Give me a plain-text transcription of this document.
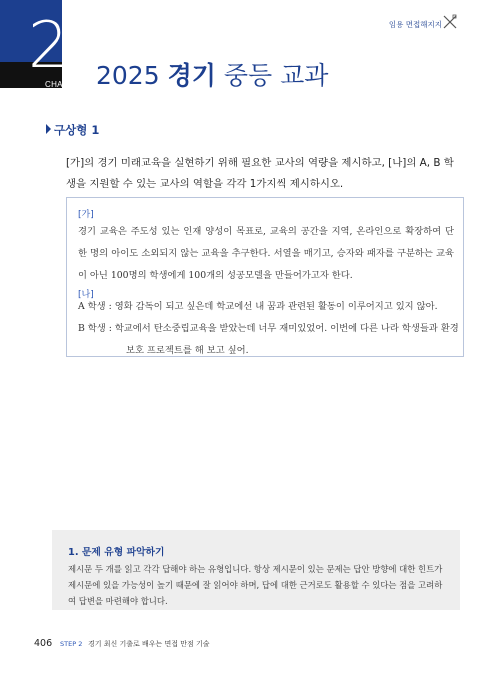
2
CHAPTER 2025 경기 중등 교과
임용 면접해지지
구상형 1
[가]의 경기 미래교육을 실현하기 위해 필요한 교사의 역량을 제시하고, [나]의 A, B 학생을 지원할 수 있는 교사의 역할을 각각 1가지씩 제시하시오.
[가]
경기 교육은 주도성 있는 인재 양성이 목표로, 교육의 공간을 지역, 온라인으로 확장하여 단 한 명의 아이도 소외되지 않는 교육을 추구한다. 서열을 매기고, 승자와 패자를 구분하는 교육이 아닌 100명의 학생에게 100개의 성공모델을 만들어가고자 한다.
[나]
A 학생 : 영화 감독이 되고 싶은데 학교에선 내 꿈과 관련된 활동이 이루어지고 있지 않아.
B 학생 : 학교에서 탄소중립교육을 받았는데 너무 재미있었어. 이번에 다른 나라 학생들과 환경
보호 프로젝트를 해 보고 싶어.
1. 문제 유형 파악하기
제시문 두 개를 읽고 각각 답해야 하는 유형입니다. 항상 제시문이 있는 문제는 답안 방향에 대한 힌트가 제시문에 있을 가능성이 높기 때문에 잘 읽어야 하며, 답에 대한 근거로도 활용할 수 있다는 점을 고려하여 답변을 마련해야 합니다.
406 STEP 2 경기 최신 기출로 배우는 면접 만점 기술
